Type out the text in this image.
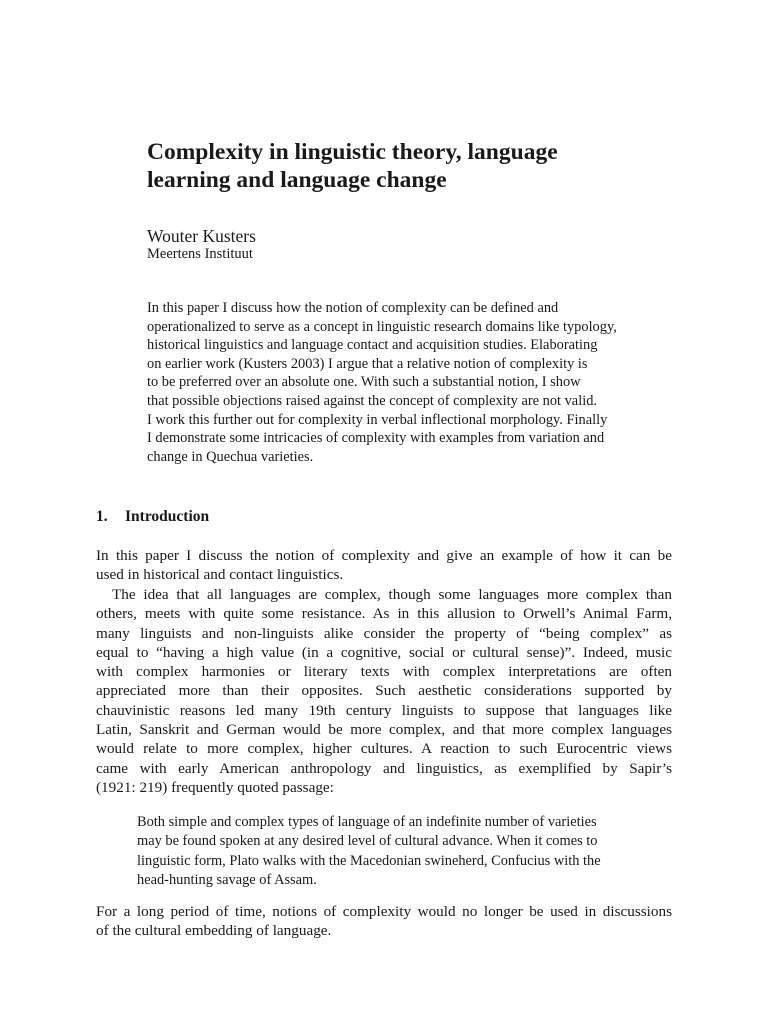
Complexity in linguistic theory, language
learning and language change

Wouter Kusters

Meertens Instituut

In this paper I discuss how the notion of complexity can be defined and
operationalized to serve as a concept in linguistic research domains like typology,
historical linguistics and language contact and acquisition studies. Elaborating
on earlier work (Kusters 2003) I argue that a relative notion of complexity is
to be preferred over an absolute one. With such a substantial notion, I show
that possible objections raised against the concept of complexity are not valid.
I work this further out for complexity in verbal inflectional morphology. Finally
I demonstrate some intricacies of complexity with examples from variation and
change in Quechua varieties.

1. Introduction

In this paper I discuss the notion of complexity and give an example of how it can be
used in historical and contact linguistics.

The idea that all languages are complex, though some languages more complex than
others, meets with quite some resistance. As in this allusion to Orwell’s Animal Farm,
many linguists and non-linguists alike consider the property of “being complex” as
equal to “having a high value (in a cognitive, social or cultural sense)”. Indeed, music
with complex harmonies or literary texts with complex interpretations are often
appreciated more than their opposites. Such aesthetic considerations supported by
chauvinistic reasons led many 19th century linguists to suppose that languages like
Latin, Sanskrit and German would be more complex, and that more complex languages
would relate to more complex, higher cultures. A reaction to such Eurocentric views
came with early American anthropology and linguistics, as exemplified by Sapir’s
(1921: 219) frequently quoted passage:

Both simple and complex types of language of an indefinite number of varieties
may be found spoken at any desired level of cultural advance. When it comes to
linguistic form, Plato walks with the Macedonian swineherd, Confucius with the
head-hunting savage of Assam.

For a long period of time, notions of complexity would no longer be used in discussions
of the cultural embedding of language.
